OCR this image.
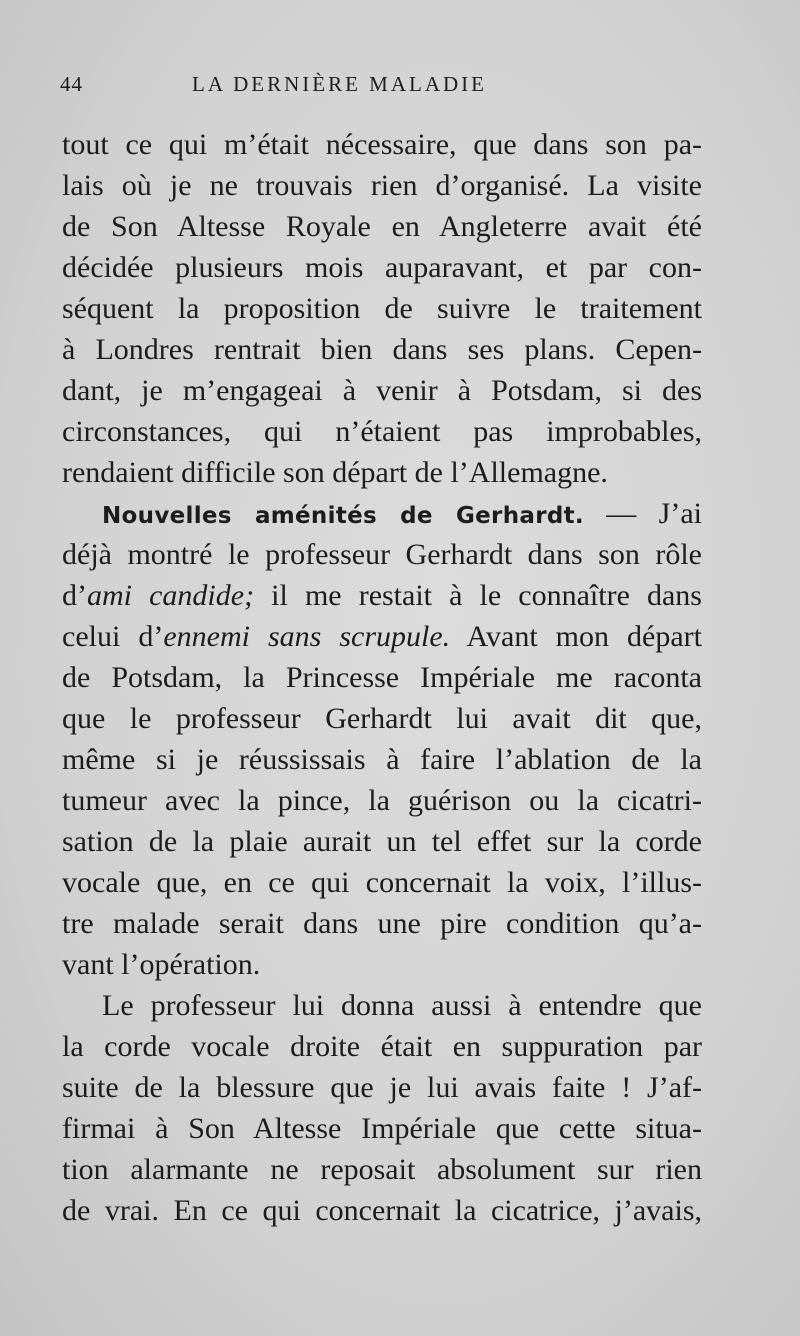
44	LA DERNIÈRE MALADIE
tout ce qui m’était nécessaire, que dans son pa-
lais où je ne trouvais rien d’organisé. La visite
de Son Altesse Royale en Angleterre avait été
décidée plusieurs mois auparavant, et par con-
séquent la proposition de suivre le traitement
à Londres rentrait bien dans ses plans. Cepen-
dant, je m’engageai à venir à Potsdam, si des
circonstances, qui n’étaient pas improbables,
rendaient difficile son départ de l’Allemagne.
Nouvelles aménités de Gerhardt. — J’ai
déjà montré le professeur Gerhardt dans son rôle
d’ami candide; il me restait à le connaître dans
celui d’ennemi sans scrupule. Avant mon départ
de Potsdam, la Princesse Impériale me raconta
que le professeur Gerhardt lui avait dit que,
même si je réussissais à faire l’ablation de la
tumeur avec la pince, la guérison ou la cicatri-
sation de la plaie aurait un tel effet sur la corde
vocale que, en ce qui concernait la voix, l’illus-
tre malade serait dans une pire condition qu’a-
vant l’opération.
Le professeur lui donna aussi à entendre que
la corde vocale droite était en suppuration par
suite de la blessure que je lui avais faite ! J’af-
firmai à Son Altesse Impériale que cette situa-
tion alarmante ne reposait absolument sur rien
de vrai. En ce qui concernait la cicatrice, j’avais,
